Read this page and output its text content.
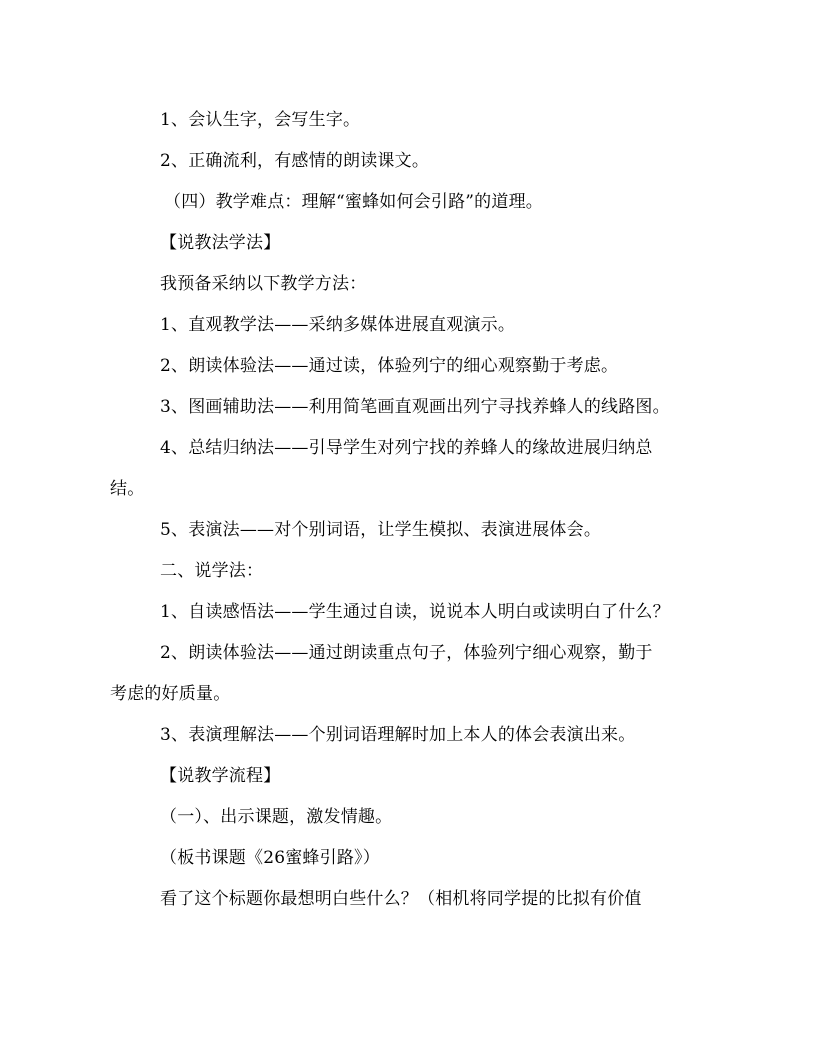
1、会认生字，会写生字。
2、正确流利，有感情的朗读课文。
（四）教学难点：理解“蜜蜂如何会引路”的道理。
【说教法学法】
我预备采纳以下教学方法：
1、直观教学法——采纳多媒体进展直观演示。
2、朗读体验法——通过读，体验列宁的细心观察勤于考虑。
3、图画辅助法——利用简笔画直观画出列宁寻找养蜂人的线路图。
4、总结归纳法——引导学生对列宁找的养蜂人的缘故进展归纳总
结。
5、表演法——对个别词语，让学生模拟、表演进展体会。
二、说学法：
1、自读感悟法——学生通过自读，说说本人明白或读明白了什么？
2、朗读体验法——通过朗读重点句子，体验列宁细心观察，勤于
考虑的好质量。
3、表演理解法——个别词语理解时加上本人的体会表演出来。
【说教学流程】
（一）、出示课题，激发情趣。
（板书课题《26蜜蜂引路》）
看了这个标题你最想明白些什么？（相机将同学提的比拟有价值
